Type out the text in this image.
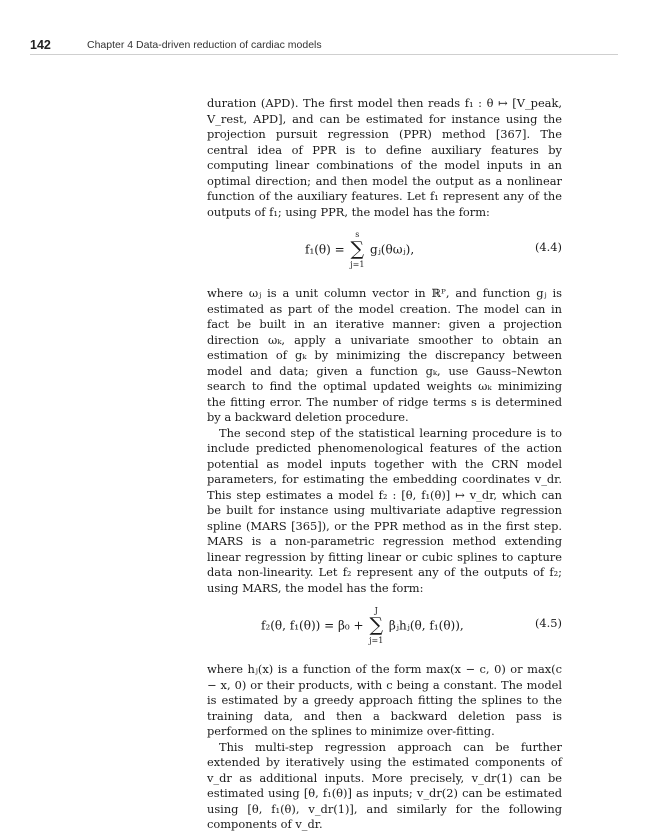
142	Chapter 4 Data-driven reduction of cardiac models

duration (APD). The first model then reads f₁ : θ ↦ [V_peak, V_rest, APD], and can be estimated for instance using the projection pursuit regression (PPR) method [367]. The central idea of PPR is to define auxiliary features by computing linear combinations of the model inputs in an optimal direction; and then model the output as a nonlinear function of the auxiliary features. Let f₁ represent any of the outputs of f₁; using PPR, the model has the form:

f₁(θ) =
s
∑
j=1
gⱼ(θωⱼ),	(4.4)

where ωⱼ is a unit column vector in ℝᴾ, and function gⱼ is estimated as part of the model creation. The model can in fact be built in an iterative manner: given a projection direction ωₖ, apply a univariate smoother to obtain an estimation of gₖ by minimizing the discrepancy between model and data; given a function gₖ, use Gauss–Newton search to find the optimal updated weights ωₖ minimizing the fitting error. The number of ridge terms s is determined by a backward deletion procedure.

The second step of the statistical learning procedure is to include predicted phenomenological features of the action potential as model inputs together with the CRN model parameters, for estimating the embedding coordinates v_dr. This step estimates a model f₂ : [θ, f₁(θ)] ↦ v_dr, which can be built for instance using multivariate adaptive regression spline (MARS [365]), or the PPR method as in the first step. MARS is a non-parametric regression method extending linear regression by fitting linear or cubic splines to capture data non-linearity. Let f₂ represent any of the outputs of f₂; using MARS, the model has the form:

f₂(θ, f₁(θ)) = β₀ +
J
∑
j=1
βⱼhⱼ(θ, f₁(θ)),	(4.5)

where hⱼ(x) is a function of the form max(x − c, 0) or max(c − x, 0) or their products, with c being a constant. The model is estimated by a greedy approach fitting the splines to the training data, and then a backward deletion pass is performed on the splines to minimize over-fitting.

This multi-step regression approach can be further extended by iteratively using the estimated components of v_dr as additional inputs. More precisely, v_dr(1) can be estimated using [θ, f₁(θ)] as inputs; v_dr(2) can be estimated using [θ, f₁(θ), v_dr(1)], and similarly for the following components of v_dr.
